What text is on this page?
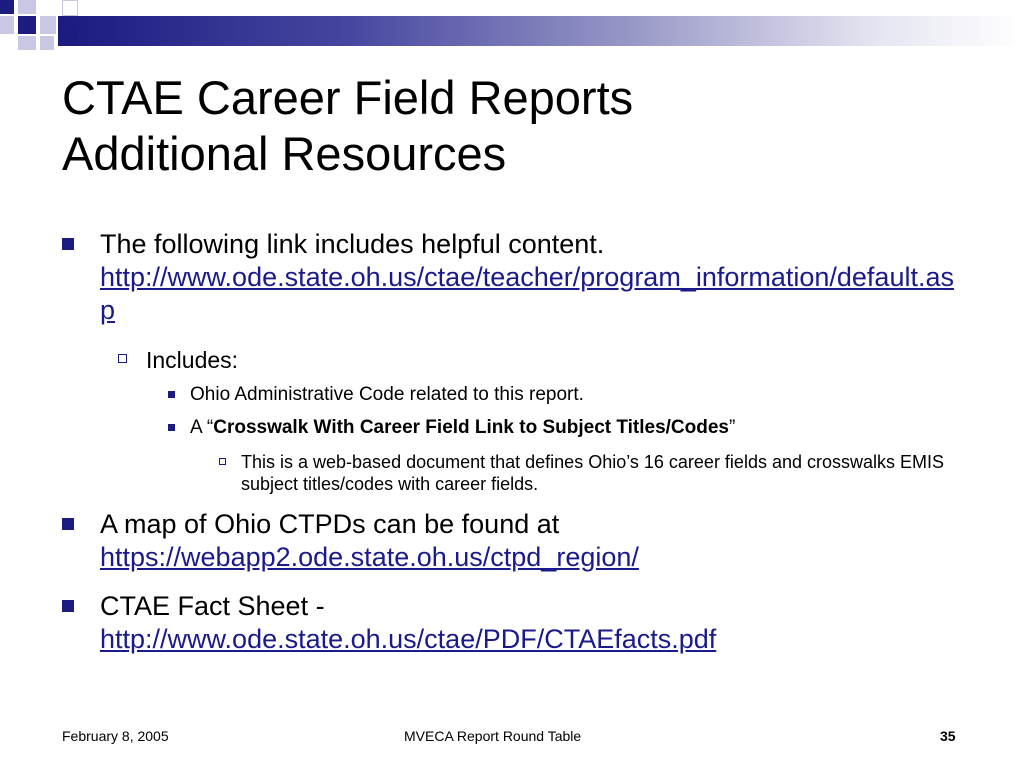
CTAE Career Field Reports
Additional Resources
The following link includes helpful content.
http://www.ode.state.oh.us/ctae/teacher/program_information/default.asp
Includes:
Ohio Administrative Code related to this report.
A “Crosswalk With Career Field Link to Subject Titles/Codes”
This is a web-based document that defines Ohio’s 16 career fields and crosswalks EMIS subject titles/codes with career fields.
A map of Ohio CTPDs can be found at
https://webapp2.ode.state.oh.us/ctpd_region/
CTAE Fact Sheet -
http://www.ode.state.oh.us/ctae/PDF/CTAEfacts.pdf
February 8, 2005	MVECA Report Round Table	35
